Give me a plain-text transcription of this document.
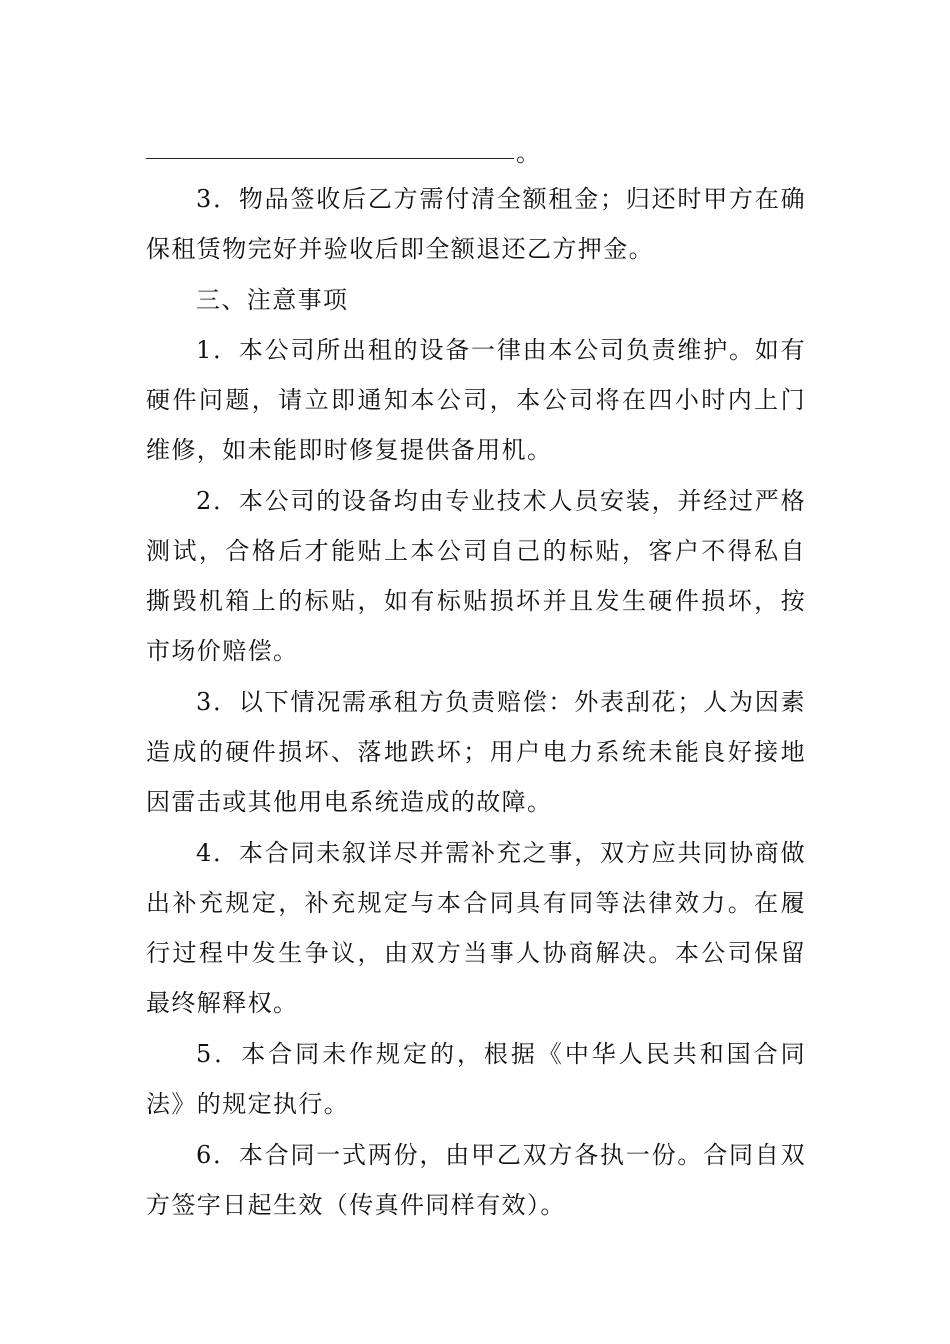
。

3．物品签收后乙方需付清全额租金；归还时甲方在确保租赁物完好并验收后即全额退还乙方押金。

三、注意事项

1．本公司所出租的设备一律由本公司负责维护。如有硬件问题，请立即通知本公司，本公司将在四小时内上门维修，如未能即时修复提供备用机。

2．本公司的设备均由专业技术人员安装，并经过严格测试，合格后才能贴上本公司自己的标贴，客户不得私自撕毁机箱上的标贴，如有标贴损坏并且发生硬件损坏，按市场价赔偿。

3．以下情况需承租方负责赔偿：外表刮花；人为因素造成的硬件损坏、落地跌坏；用户电力系统未能良好接地因雷击或其他用电系统造成的故障。

4．本合同未叙详尽并需补充之事，双方应共同协商做出补充规定，补充规定与本合同具有同等法律效力。在履行过程中发生争议，由双方当事人协商解决。本公司保留最终解释权。

5．本合同未作规定的，根据《中华人民共和国合同法》的规定执行。

6．本合同一式两份，由甲乙双方各执一份。合同自双方签字日起生效（传真件同样有效）。
